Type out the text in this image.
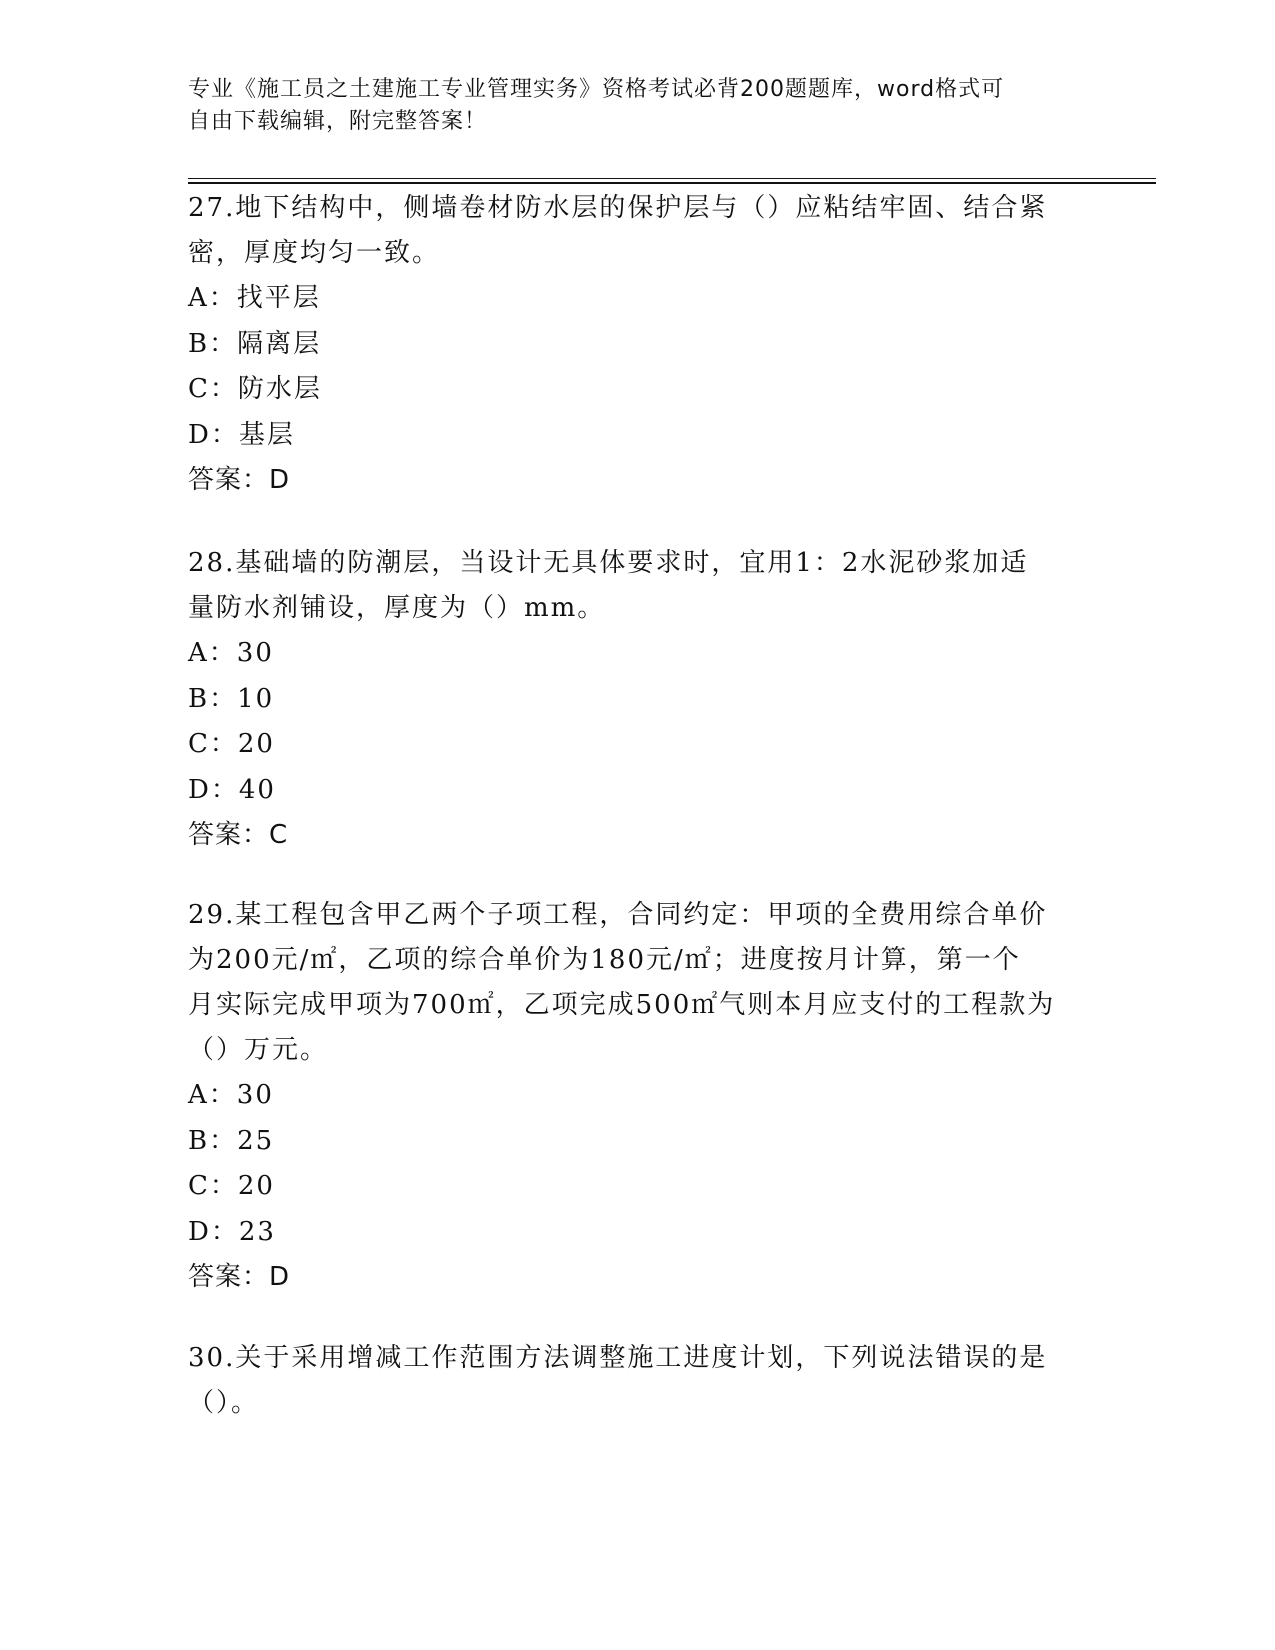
专业《施工员之土建施工专业管理实务》资格考试必背200题题库，word格式可
自由下载编辑，附完整答案！
27.地下结构中，侧墙卷材防水层的保护层与（）应粘结牢固、结合紧
密，厚度均匀一致。
A：找平层
B：隔离层
C：防水层
D：基层
答案：D
28.基础墙的防潮层，当设计无具体要求时，宜用1：2水泥砂浆加适
量防水剂铺设，厚度为（）mm。
A：30
B：10
C：20
D：40
答案：C
29.某工程包含甲乙两个子项工程，合同约定：甲项的全费用综合单价
为200元/㎡，乙项的综合单价为180元/㎡；进度按月计算，第一个
月实际完成甲项为700㎡，乙项完成500㎡气则本月应支付的工程款为
（）万元。
A：30
B：25
C：20
D：23
答案：D
30.关于采用增减工作范围方法调整施工进度计划，下列说法错误的是
（）。
